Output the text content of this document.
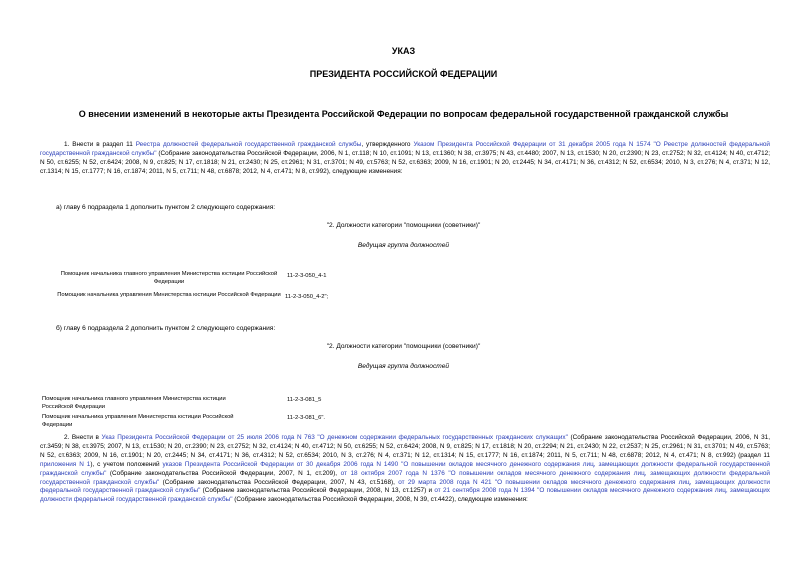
УКАЗ
ПРЕЗИДЕНТА РОССИЙСКОЙ ФЕДЕРАЦИИ
О внесении изменений в некоторые акты Президента Российской Федерации по вопросам федеральной государственной гражданской службы
1. Внести в раздел 11 Реестра должностей федеральной государственной гражданской службы, утвержденного Указом Президента Российской Федерации от 31 декабря 2005 года N 1574 "О Реестре должностей федеральной государственной гражданской службы" (Собрание законодательства Российской Федерации, 2006, N 1, ст.118; N 10, ст.1091; N 13, ст.1360; N 38, ст.3975; N 43, ст.4480; 2007, N 13, ст.1530; N 20, ст.2390; N 23, ст.2752; N 32, ст.4124; N 40, ст.4712; N 50, ст.6255; N 52, ст.6424; 2008, N 9, ст.825; N 17, ст.1818; N 21, ст.2430; N 25, ст.2961; N 31, ст.3701; N 49, ст.5763; N 52, ст.6363; 2009, N 16, ст.1901; N 20, ст.2445; N 34, ст.4171; N 36, ст.4312; N 52, ст.6534; 2010, N 3, ст.276; N 4, ст.371; N 12, ст.1314; N 15, ст.1777; N 16, ст.1874; 2011, N 5, ст.711; N 48, ст.6878; 2012, N 4, ст.471; N 8, ст.992), следующие изменения:
а) главу 6 подраздела 1 дополнить пунктом 2 следующего содержания:
"2. Должности категории "помощники (советники)"
Ведущая группа должностей
Помощник начальника главного управления Министерства юстиции Российской Федерации
11-2-3-050_4-1
Помощник начальника управления Министерства юстиции Российской Федерации 11-2-3-050_4-2";
б) главу 6 подраздела 2 дополнить пунктом 2 следующего содержания:
"2. Должности категории "помощники (советники)"
Ведущая группа должностей
Помощник начальника главного управления Министерства юстиции Российской Федерации
11-2-3-081_5
Помощник начальника управления Министерства юстиции Российской Федерации
11-2-3-081_6".
2. Внести в Указ Президента Российской Федерации от 25 июля 2006 года N 763 "О денежном содержании федеральных государственных гражданских служащих" (Собрание законодательства Российской Федерации, 2006, N 31, ст.3459; N 38, ст.3975; 2007, N 13, ст.1530; N 20, ст.2390; N 23, ст.2752; N 32, ст.4124; N 40, ст.4712; N 50, ст.6255; N 52, ст.6424; 2008, N 9, ст.825; N 17, ст.1818; N 20, ст.2294; N 21, ст.2430; N 22, ст.2537; N 25, ст.2961; N 31, ст.3701; N 49, ст.5763; N 52, ст.6363; 2009, N 16, ст.1901; N 20, ст.2445; N 34, ст.4171; N 36, ст.4312; N 52, ст.6534; 2010, N 3, ст.276; N 4, ст.371; N 12, ст.1314; N 15, ст.1777; N 16, ст.1874; 2011, N 5, ст.711; N 48, ст.6878; 2012, N 4, ст.471; N 8, ст.992) (раздел 11 приложения N 1), с учетом положений указов Президента Российской Федерации от 30 декабря 2006 года N 1490 "О повышении окладов месячного денежного содержания лиц, замещающих должности федеральной государственной гражданской службы" (Собрание законодательства Российской Федерации, 2007, N 1, ст.209), от 18 октября 2007 года N 1376 "О повышении окладов месячного денежного содержания лиц, замещающих должности федеральной государственной гражданской службы" (Собрание законодательства Российской Федерации, 2007, N 43, ст.5168), от 29 марта 2008 года N 421 "О повышении окладов месячного денежного содержания лиц, замещающих должности федеральной государственной гражданской службы" (Собрание законодательства Российской Федерации, 2008, N 13, ст.1257) и от 21 сентября 2008 года N 1394 "О повышении окладов месячного денежного содержания лиц, замещающих должности федеральной государственной гражданской службы" (Собрание законодательства Российской Федерации, 2008, N 39, ст.4422), следующие изменения:
